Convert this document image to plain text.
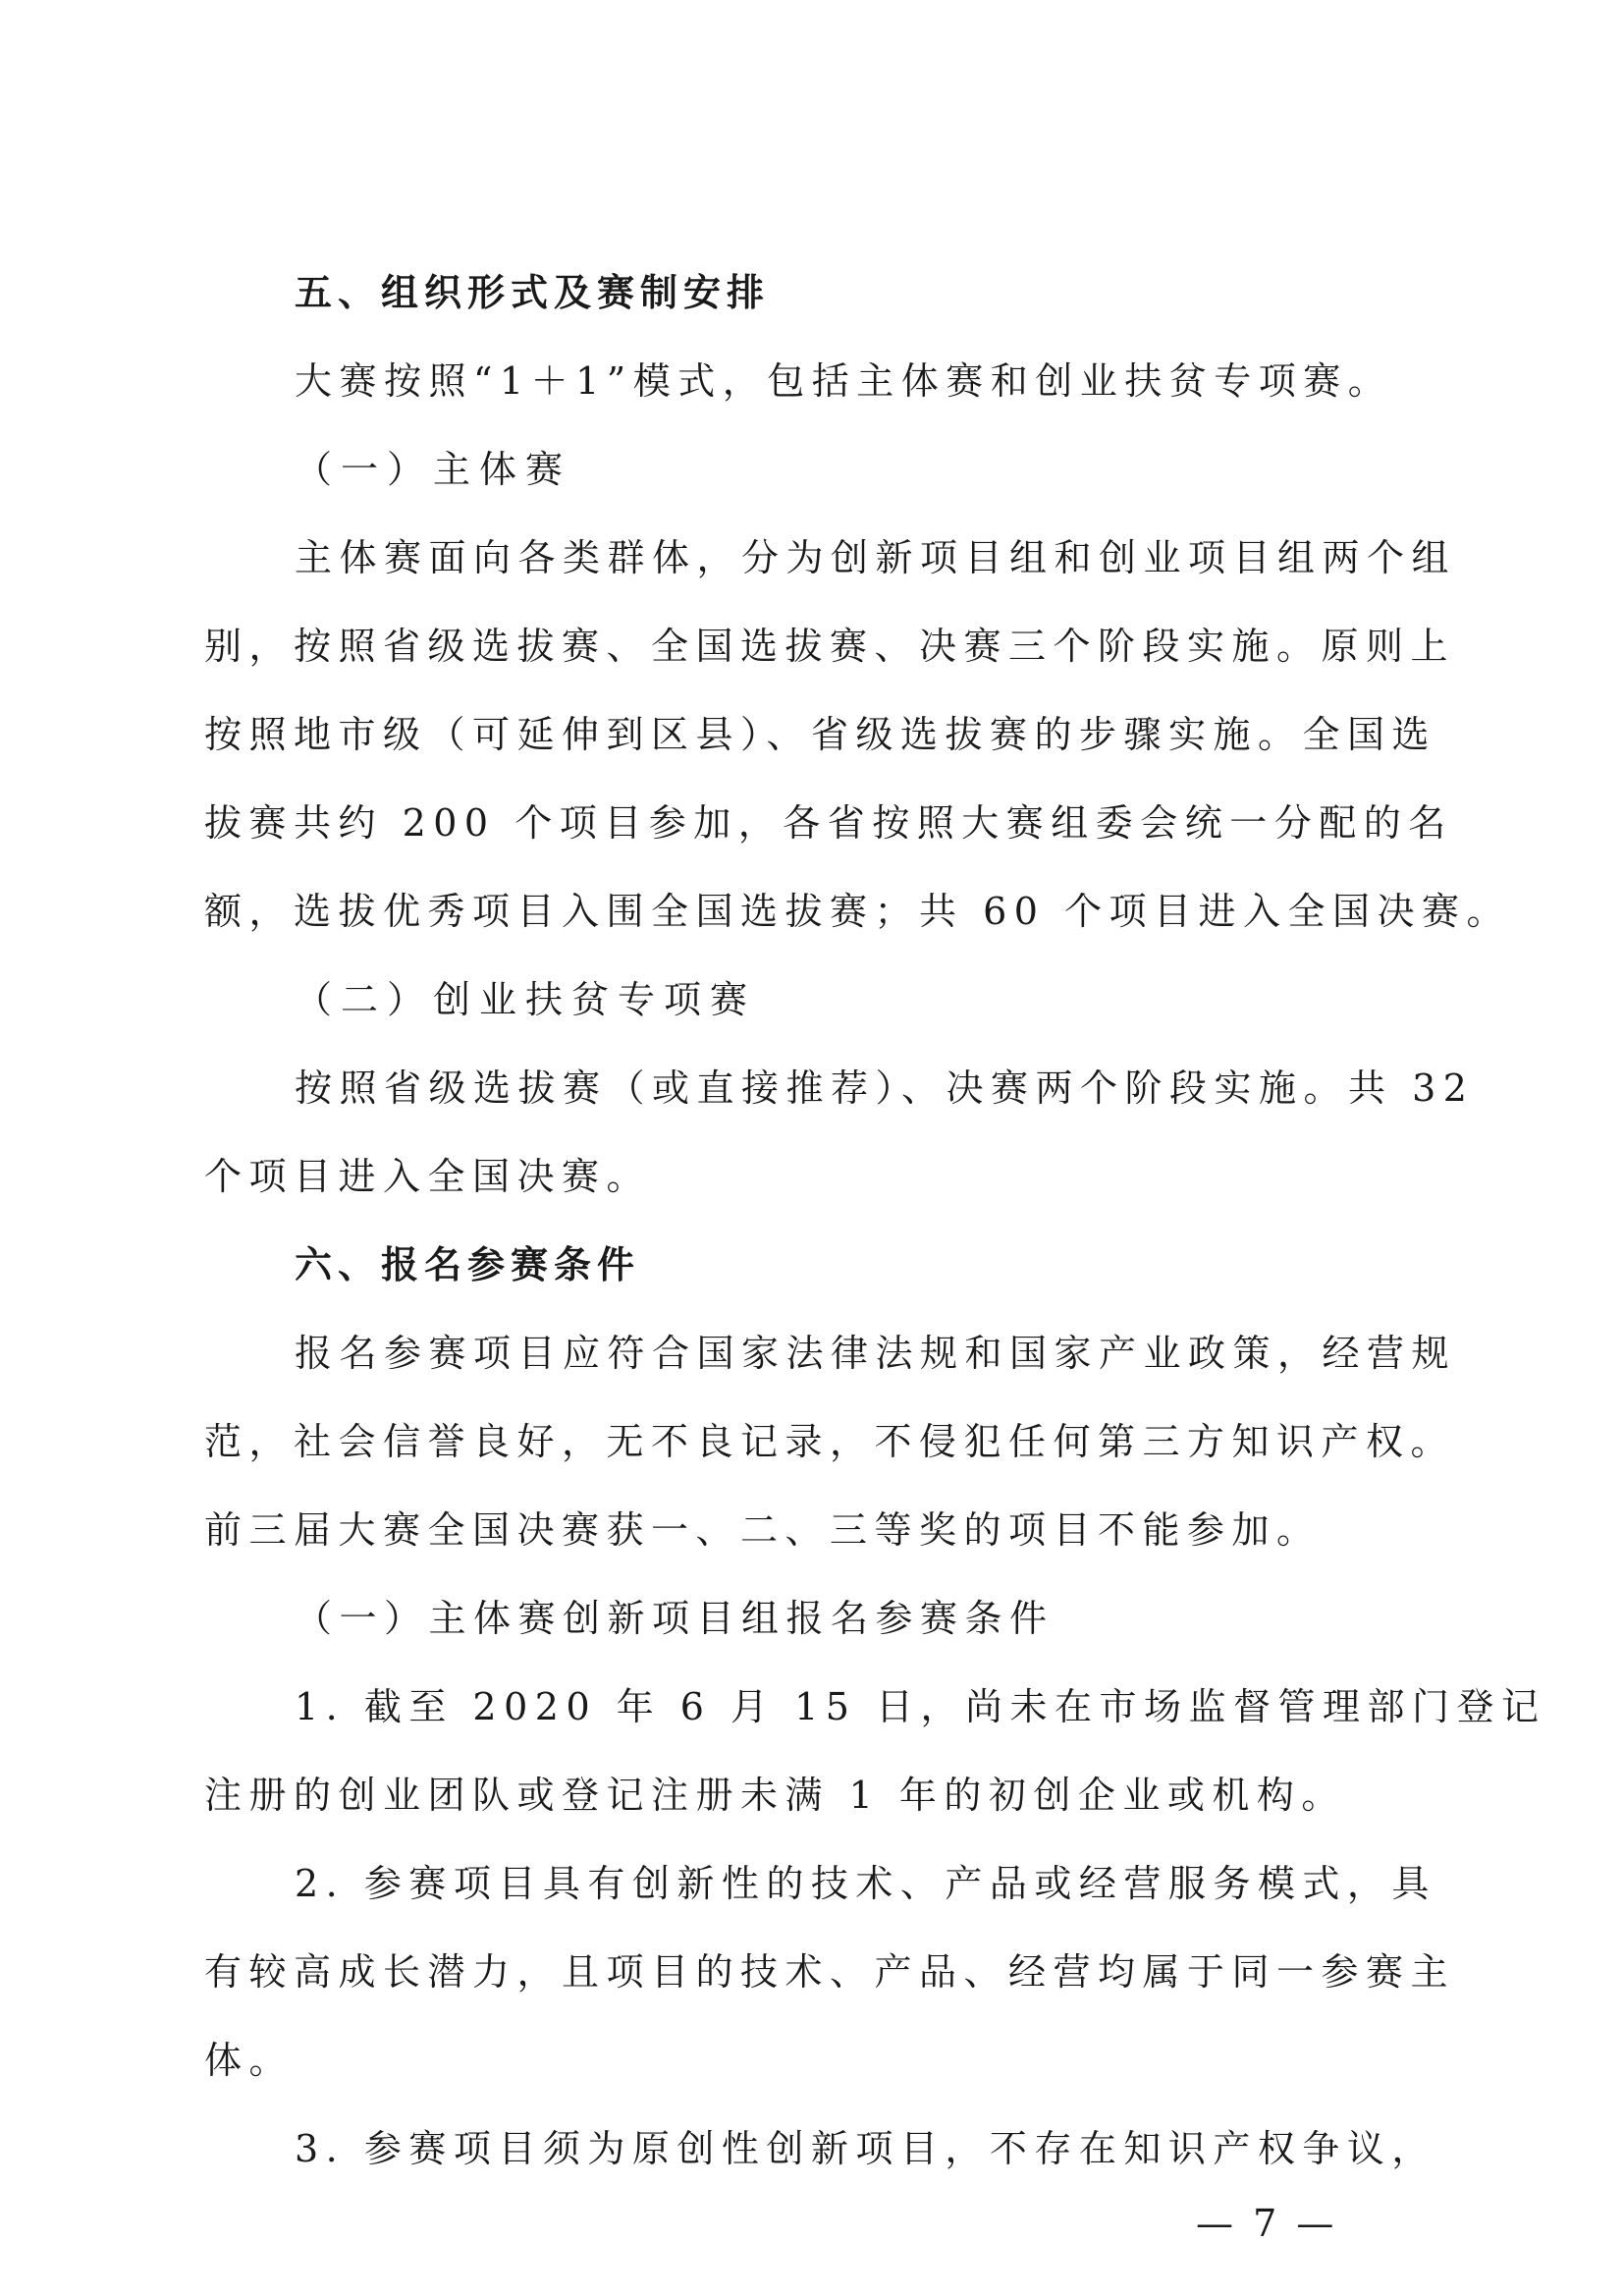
五、组织形式及赛制安排

大赛按照“1＋1”模式，包括主体赛和创业扶贫专项赛。

（一）主体赛

主体赛面向各类群体，分为创新项目组和创业项目组两个组

别，按照省级选拔赛、全国选拔赛、决赛三个阶段实施。原则上

按照地市级（可延伸到区县）、省级选拔赛的步骤实施。全国选

拔赛共约 200 个项目参加，各省按照大赛组委会统一分配的名

额，选拔优秀项目入围全国选拔赛；共 60 个项目进入全国决赛。

（二）创业扶贫专项赛

按照省级选拔赛（或直接推荐）、决赛两个阶段实施。共 32

个项目进入全国决赛。

六、报名参赛条件

报名参赛项目应符合国家法律法规和国家产业政策，经营规

范，社会信誉良好，无不良记录，不侵犯任何第三方知识产权。

前三届大赛全国决赛获一、二、三等奖的项目不能参加。

（一）主体赛创新项目组报名参赛条件

1. 截至 2020 年 6 月 15 日，尚未在市场监督管理部门登记

注册的创业团队或登记注册未满 1 年的初创企业或机构。

2. 参赛项目具有创新性的技术、产品或经营服务模式，具

有较高成长潜力，且项目的技术、产品、经营均属于同一参赛主

体。

3. 参赛项目须为原创性创新项目，不存在知识产权争议，

— 7 —
